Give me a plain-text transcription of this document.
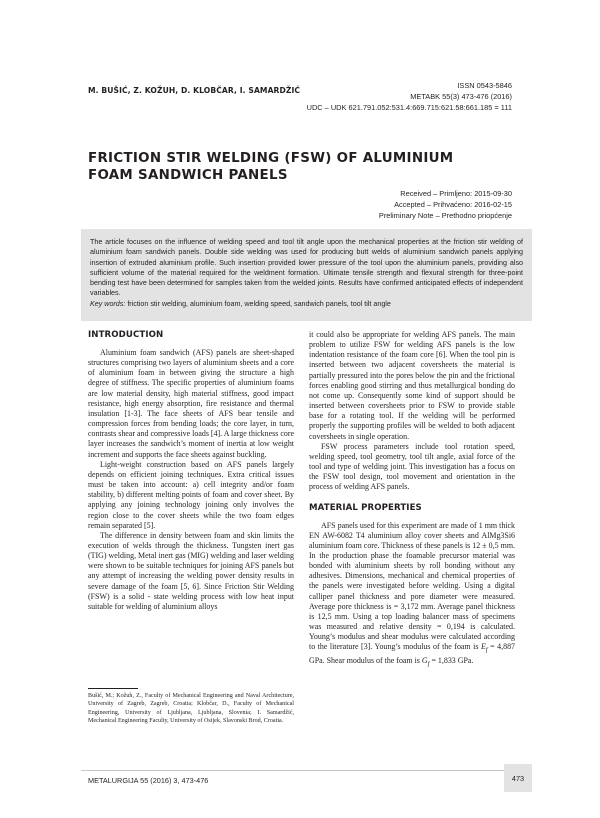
M. BUŠIĆ, Z. KOŽUH, D. KLOBČAR, I. SAMARDŽIĆ
ISSN 0543-5846
METABK 55(3) 473-476 (2016)
UDC – UDK 621.791.052:531.4:669.715:621.58:661.185 = 111
FRICTION STIR WELDING (FSW) OF ALUMINIUM
FOAM SANDWICH PANELS
Received – Primljeno: 2015-09-30
Accepted – Prihvaćeno: 2016-02-15
Preliminary Note – Prethodno priopćenje
The article focuses on the influence of welding speed and tool tilt angle upon the mechanical properties at the friction stir welding of aluminium foam sandwich panels. Double side welding was used for producing butt welds of aluminium sandwich panels applying insertion of extruded aluminium profile. Such insertion provided lower pressure of the tool upon the aluminium panels, providing also sufficient volume of the material required for the weldment formation. Ultimate tensile strength and flexural strength for three-point bending test have been determined for samples taken from the welded joints. Results have confirmed anticipated effects of independent variables.
Key words: friction stir welding, aluminium foam, welding speed, sandwich panels, tool tilt angle
INTRODUCTION

Aluminium foam sandwich (AFS) panels are sheet-shaped structures comprising two layers of aluminium sheets and a core of aluminium foam in between giving the structure a high degree of stiffness. The specific properties of aluminium foams are low material density, high material stiffness, good impact resistance, high energy absorption, fire resistance and thermal insulation [1-3]. The face sheets of AFS bear tensile and compression forces from bending loads; the core layer, in turn, contrasts shear and compressive loads [4]. A large thickness core layer increases the sandwich’s moment of inertia at low weight increment and supports the face sheets against buckling.

Light-weight construction based on AFS panels largely depends on efficient joining techniques. Extra critical issues must be taken into account: a) cell integrity and/or foam stability, b) different melting points of foam and cover sheet. By applying any joining technology joining only involves the region close to the cover sheets while the two foam edges remain separated [5].

The difference in density between foam and skin limits the execution of welds through the thickness. Tungsten inert gas (TIG) welding, Metal inert gas (MIG) welding and laser welding were shown to be suitable techniques for joining AFS panels but any attempt of increasing the welding power density results in severe damage of the foam [5, 6]. Since Friction Stir Welding (FSW) is a solid - state welding process with low heat input suitable for welding of aluminium alloys

it could also be appropriate for welding AFS panels. The main problem to utilize FSW for welding AFS panels is the low indentation resistance of the foam core [6]. When the tool pin is inserted between two adjacent coversheets the material is partially pressured into the pores below the pin and the frictional forces enabling good stirring and thus metallurgical bonding do not come up. Consequently some kind of support should be inserted between coversheets prior to FSW to provide stable base for a rotating tool. If the welding will be performed properly the supporting profiles will be welded to both adjacent coversheets in single operation.

FSW process parameters include tool rotation speed, welding speed, tool geometry, tool tilt angle, axial force of the tool and type of welding joint. This investigation has a focus on the FSW tool design, tool movement and orientation in the process of welding AFS panels.

MATERIAL PROPERTIES

AFS panels used for this experiment are made of 1 mm thick EN AW-6082 T4 aluminium alloy cover sheets and AlMg3Si6 aluminium foam core. Thickness of these panels is 12 ± 0,5 mm. In the production phase the foamable precursor material was bonded with aluminium sheets by roll bonding without any adhesives. Dimensions, mechanical and chemical properties of the panels were investigated before welding. Using a digital calliper panel thickness and pore diameter were measured. Average pore thickness is = 3,172 mm. Average panel thickness is 12,5 mm. Using a top loading balancer mass of specimens was measured and relative density = 0,194 is calculated. Young’s modulus and shear modulus were calculated according to the literature [3]. Young’s modulus of the foam is $E_f = 4,887$ GPa. Shear modulus of the foam is $G_f = 1,833$ GPa.

Bušić, M.; Kožuh, Z., Faculty of Mechanical Engineering and Naval Architecture, University of Zagreb, Zagreb, Croatia; Klobčar, D., Faculty of Mechanical Engineering, University of Ljubljana, Ljubljana, Slovenia; I. Samardžić, Mechanical Engineering Faculty, University of Osijek, Slavonski Brod, Croatia.
METALURGIJA 55 (2016) 3, 473-476	473
